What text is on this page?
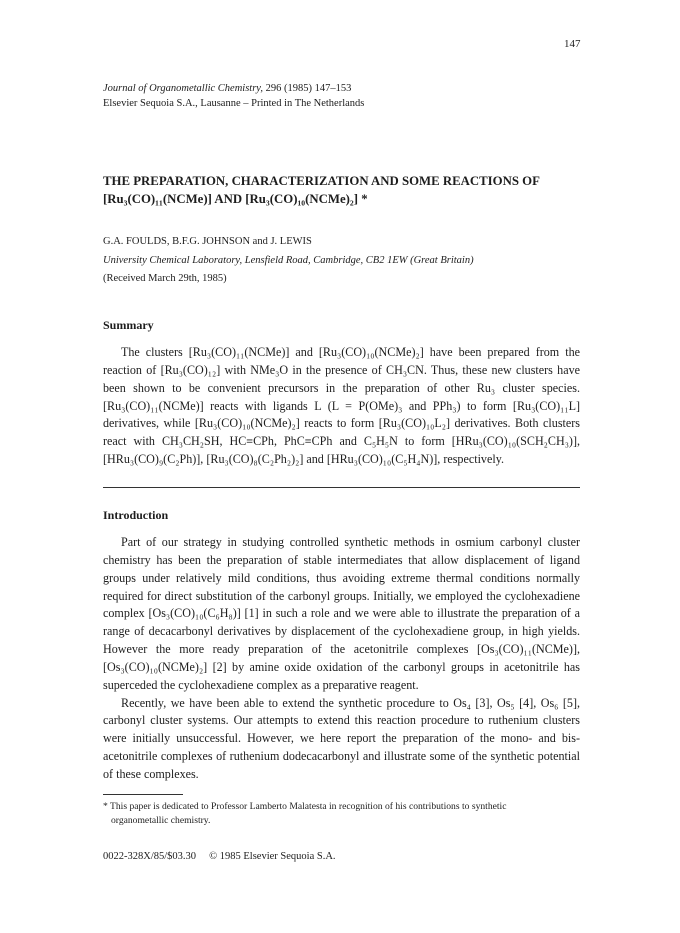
147
Journal of Organometallic Chemistry, 296 (1985) 147–153
Elsevier Sequoia S.A., Lausanne – Printed in The Netherlands
THE PREPARATION, CHARACTERIZATION AND SOME REACTIONS OF
[Ru₃(CO)₁₁(NCMe)] AND [Ru₃(CO)₁₀(NCMe)₂] *
G.A. FOULDS, B.F.G. JOHNSON and J. LEWIS
University Chemical Laboratory, Lensfield Road, Cambridge, CB2 1EW (Great Britain)
(Received March 29th, 1985)
Summary

The clusters [Ru₃(CO)₁₁(NCMe)] and [Ru₃(CO)₁₀(NCMe)₂] have been prepared from the reaction of [Ru₃(CO)₁₂] with NMe₃O in the presence of CH₃CN. Thus, these new clusters have been shown to be convenient precursors in the preparation of other Ru₃ cluster species. [Ru₃(CO)₁₁(NCMe)] reacts with ligands L (L = P(OMe)₃ and PPh₃) to form [Ru₃(CO)₁₁L] derivatives, while [Ru₃(CO)₁₀(NCMe)₂] reacts to form [Ru₃(CO)₁₀L₂] derivatives. Both clusters react with CH₃CH₂SH, HC≡CPh, PhC≡CPh and C₅H₅N to form [HRu₃(CO)₁₀(SCH₂CH₃)], [HRu₃(CO)₉(C₂Ph)], [Ru₃(CO)₈(C₂Ph₂)₂] and [HRu₃(CO)₁₀(C₅H₄N)], respectively.

Introduction

Part of our strategy in studying controlled synthetic methods in osmium carbonyl cluster chemistry has been the preparation of stable intermediates that allow displacement of ligand groups under relatively mild conditions, thus avoiding extreme thermal conditions normally required for direct substitution of the carbonyl groups. Initially, we employed the cyclohexadiene complex [Os₃(CO)₁₀(C₆H₈)] [1] in such a role and we were able to illustrate the preparation of a range of decacarbonyl derivatives by displacement of the cyclohexadiene group, in high yields. However the more ready preparation of the acetonitrile complexes [Os₃(CO)₁₁(NCMe)], [Os₃(CO)₁₀(NCMe)₂] [2] by amine oxide oxidation of the carbonyl groups in acetonitrile has superceded the cyclohexadiene complex as a preparative reagent.

Recently, we have been able to extend the synthetic procedure to Os₄ [3], Os₅ [4], Os₆ [5], carbonyl cluster systems. Our attempts to extend this reaction procedure to ruthenium clusters were initially unsuccessful. However, we here report the preparation of the mono- and bis-acetonitrile complexes of ruthenium dodecacarbonyl and illustrate some of the synthetic potential of these complexes.

* This paper is dedicated to Professor Lamberto Malatesta in recognition of his contributions to synthetic
organometallic chemistry.
0022-328X/85/$03.30     © 1985 Elsevier Sequoia S.A.
